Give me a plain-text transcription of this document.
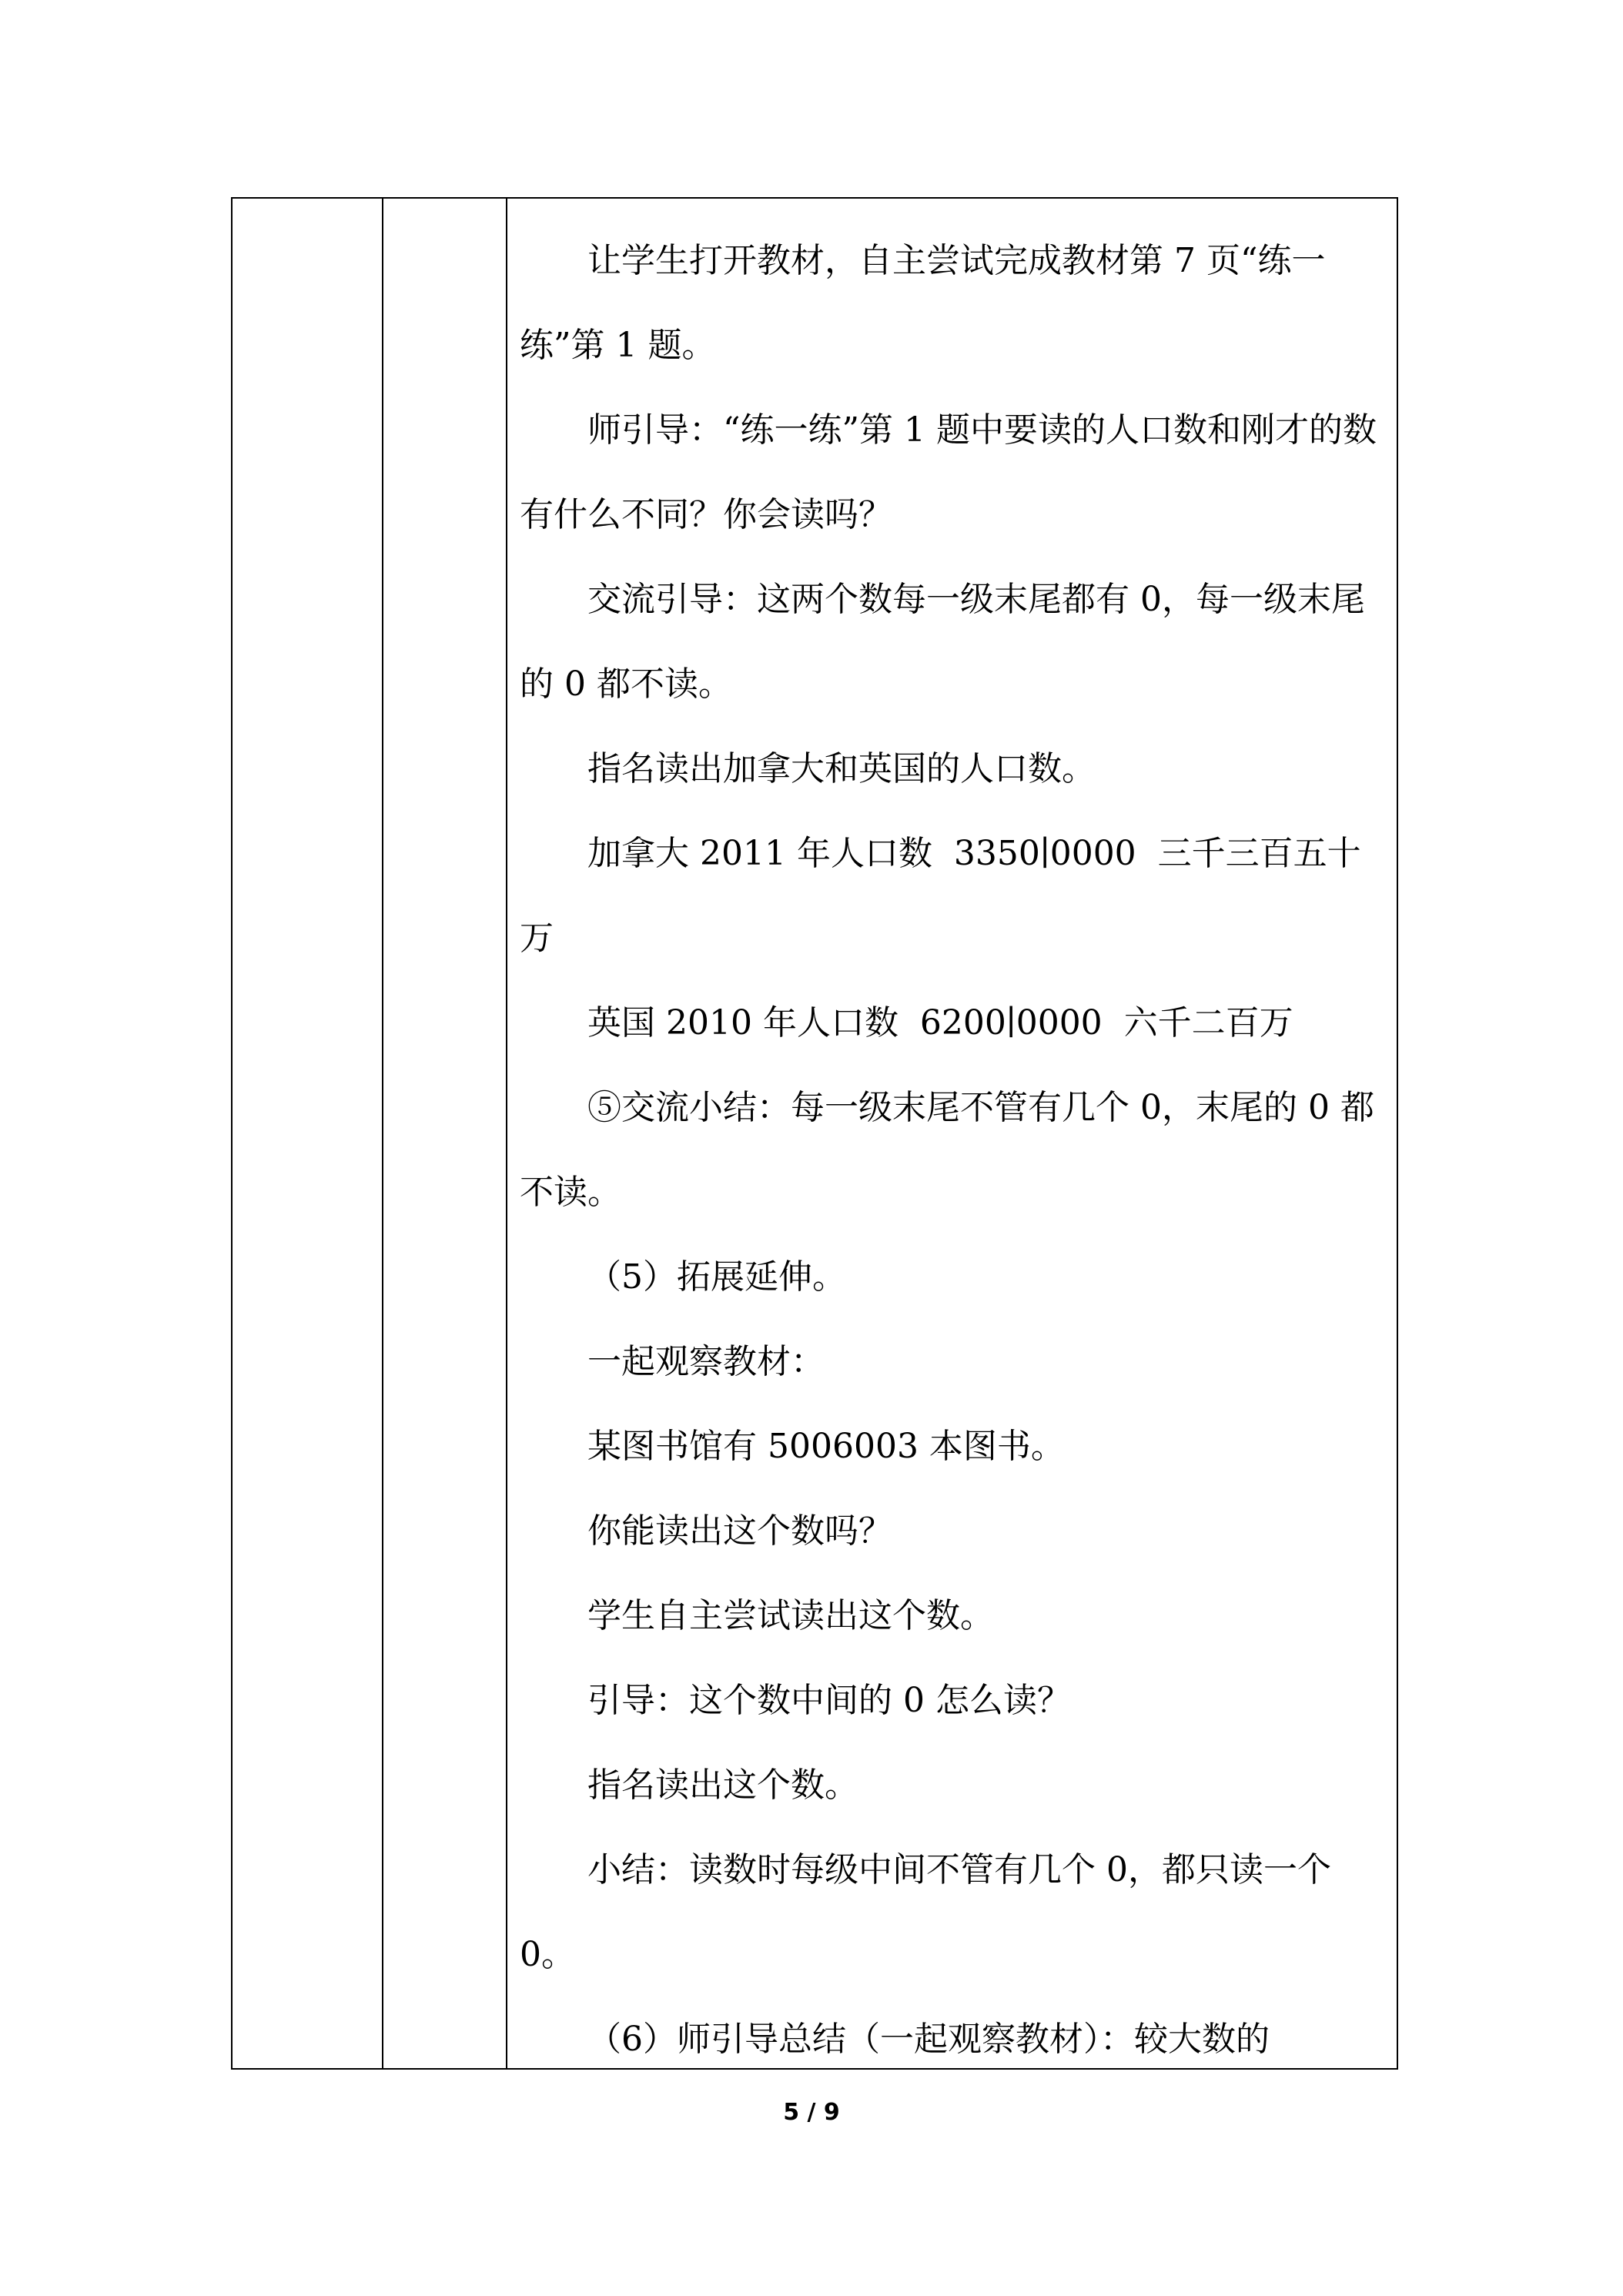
让学生打开教材，自主尝试完成教材第 7 页“练一练”第 1 题。

师引导：“练一练”第 1 题中要读的人口数和刚才的数有什么不同？你会读吗？

交流引导：这两个数每一级末尾都有 0，每一级末尾的 0 都不读。

指名读出加拿大和英国的人口数。

加拿大 2011 年人口数  3350∣0000  三千三百五十万

英国 2010 年人口数  6200∣0000  六千二百万

⑤交流小结：每一级末尾不管有几个 0，末尾的 0 都不读。

（5）拓展延伸。

一起观察教材：

某图书馆有 5006003 本图书。

你能读出这个数吗？

学生自主尝试读出这个数。

引导：这个数中间的 0 怎么读？

指名读出这个数。

小结：读数时每级中间不管有几个 0，都只读一个 0。

（6）师引导总结（一起观察教材）：较大数的

5 / 9
